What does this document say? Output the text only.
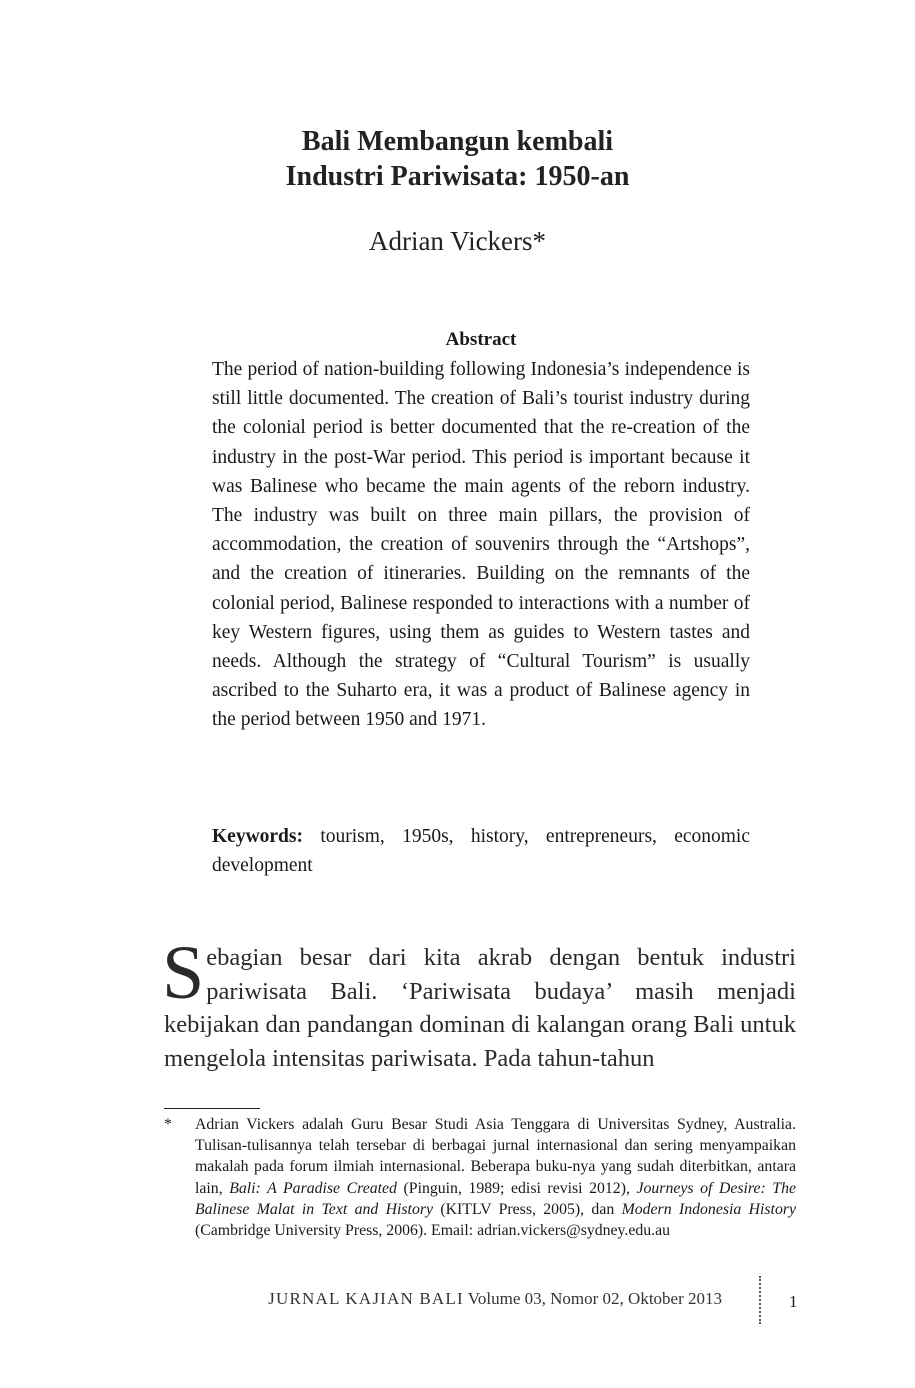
Bali Membangun kembali
Industri Pariwisata: 1950-an
Adrian Vickers*
Abstract

The period of nation-building following Indonesia’s independence is still little documented. The creation of Bali’s tourist industry during the colonial period is better documented that the re-creation of the industry in the post-War period. This period is important because it was Balinese who became the main agents of the reborn industry. The industry was built on three main pillars, the provision of accommodation, the creation of souvenirs through the “Artshops”, and the creation of itineraries. Building on the remnants of the colonial period, Balinese responded to interactions with a number of key Western figures, using them as guides to Western tastes and needs. Although the strategy of “Cultural Tourism” is usually ascribed to the Suharto era, it was a product of Balinese agency in the period between 1950 and 1971.

Keywords: tourism, 1950s, history, entrepreneurs, economic development

Sebagian besar dari kita akrab dengan bentuk industri pariwisata Bali. ‘Pariwisata budaya’ masih menjadi kebijakan dan pandangan dominan di kalangan orang Bali untuk mengelola intensitas pariwisata. Pada tahun-tahun

* Adrian Vickers adalah Guru Besar Studi Asia Tenggara di Universitas Sydney, Australia. Tulisan-tulisannya telah tersebar di berbagai jurnal internasional dan sering menyampaikan makalah pada forum ilmiah internasional. Beberapa buku-nya yang sudah diterbitkan, antara lain, Bali: A Paradise Created (Pinguin, 1989; edisi revisi 2012), Journeys of Desire: The Balinese Malat in Text and History (KITLV Press, 2005), dan Modern Indonesia History (Cambridge University Press, 2006). Email: adrian.vickers@sydney.edu.au

JURNAL KAJIAN BALI Volume 03, Nomor 02, Oktober 2013	1
